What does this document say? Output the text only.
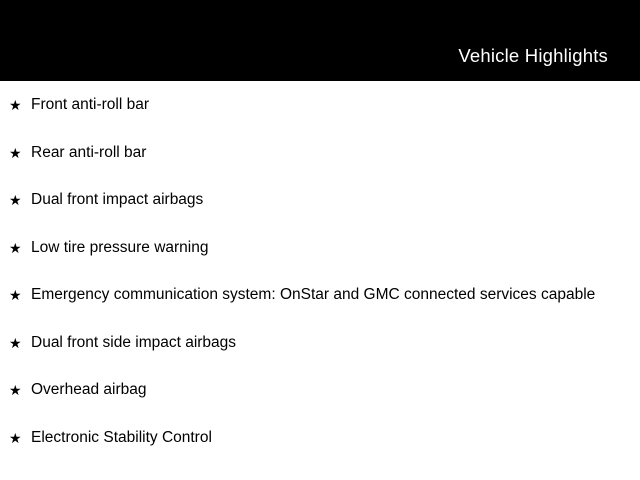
Vehicle Highlights
★ Front anti-roll bar
★ Rear anti-roll bar
★ Dual front impact airbags
★ Low tire pressure warning
★ Emergency communication system: OnStar and GMC connected services capable
★ Dual front side impact airbags
★ Overhead airbag
★ Electronic Stability Control
